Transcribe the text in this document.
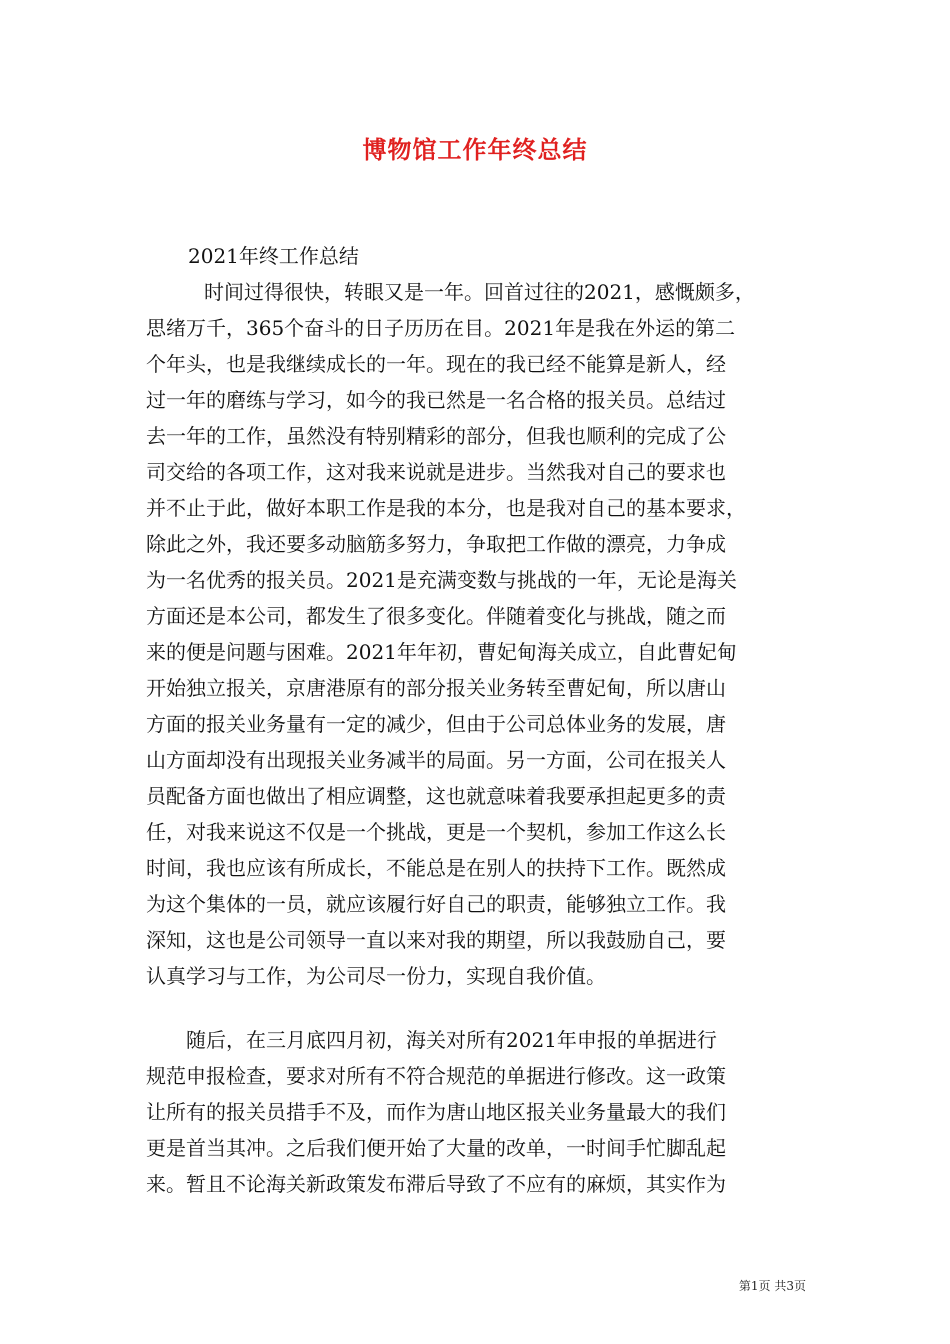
博物馆工作年终总结
2021年终工作总结
时间过得很快，转眼又是一年。回首过往的2021，感慨颇多，
思绪万千，365个奋斗的日子历历在目。2021年是我在外运的第二
个年头，也是我继续成长的一年。现在的我已经不能算是新人，经
过一年的磨练与学习，如今的我已然是一名合格的报关员。总结过
去一年的工作，虽然没有特别精彩的部分，但我也顺利的完成了公
司交给的各项工作，这对我来说就是进步。当然我对自己的要求也
并不止于此，做好本职工作是我的本分，也是我对自己的基本要求，
除此之外，我还要多动脑筋多努力，争取把工作做的漂亮，力争成
为一名优秀的报关员。2021是充满变数与挑战的一年，无论是海关
方面还是本公司，都发生了很多变化。伴随着变化与挑战，随之而
来的便是问题与困难。2021年年初，曹妃甸海关成立，自此曹妃甸
开始独立报关，京唐港原有的部分报关业务转至曹妃甸，所以唐山
方面的报关业务量有一定的减少，但由于公司总体业务的发展，唐
山方面却没有出现报关业务减半的局面。另一方面，公司在报关人
员配备方面也做出了相应调整，这也就意味着我要承担起更多的责
任，对我来说这不仅是一个挑战，更是一个契机，参加工作这么长
时间，我也应该有所成长，不能总是在别人的扶持下工作。既然成
为这个集体的一员，就应该履行好自己的职责，能够独立工作。我
深知，这也是公司领导一直以来对我的期望，所以我鼓励自己，要
认真学习与工作，为公司尽一份力，实现自我价值。
随后，在三月底四月初，海关对所有2021年申报的单据进行
规范申报检查，要求对所有不符合规范的单据进行修改。这一政策
让所有的报关员措手不及，而作为唐山地区报关业务量最大的我们
更是首当其冲。之后我们便开始了大量的改单，一时间手忙脚乱起
来。暂且不论海关新政策发布滞后导致了不应有的麻烦，其实作为
第1页 共3页
